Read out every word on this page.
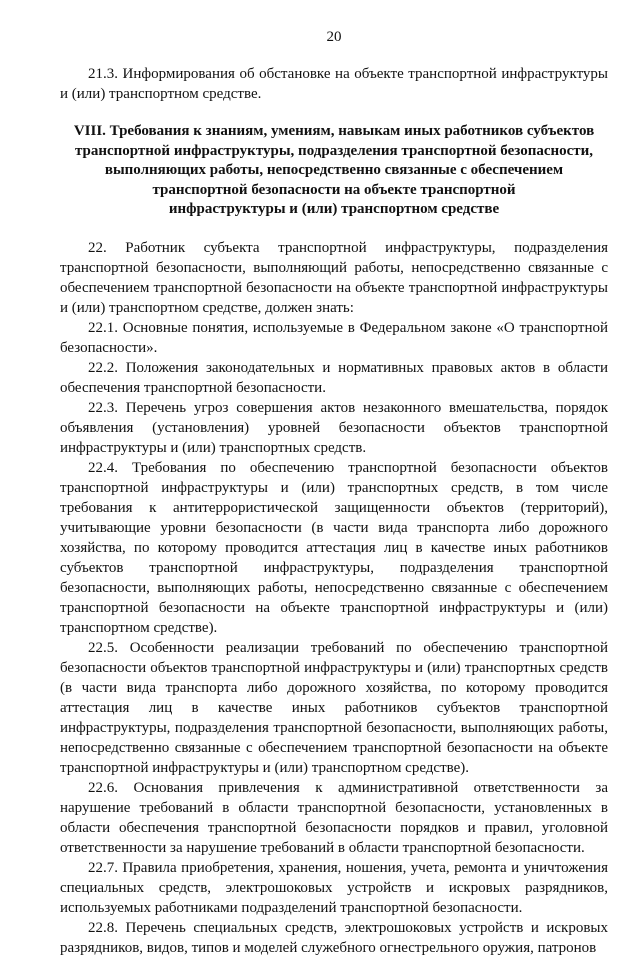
20

21.3. Информирования об обстановке на объекте транспортной инфраструктуры и (или) транспортном средстве.

VIII. Требования к знаниям, умениям, навыкам иных работников субъектов
транспортной инфраструктуры, подразделения транспортной безопасности,
выполняющих работы, непосредственно связанные с обеспечением
транспортной безопасности на объекте транспортной
инфраструктуры и (или) транспортном средстве

22. Работник субъекта транспортной инфраструктуры, подразделения транспортной безопасности, выполняющий работы, непосредственно связанные с обеспечением транспортной безопасности на объекте транспортной инфраструктуры и (или) транспортном средстве, должен знать:

22.1. Основные понятия, используемые в Федеральном законе «О транспортной безопасности».

22.2. Положения законодательных и нормативных правовых актов в области обеспечения транспортной безопасности.

22.3. Перечень угроз совершения актов незаконного вмешательства, порядок объявления (установления) уровней безопасности объектов транспортной инфраструктуры и (или) транспортных средств.

22.4. Требования по обеспечению транспортной безопасности объектов транспортной инфраструктуры и (или) транспортных средств, в том числе требования к антитеррористической защищенности объектов (территорий), учитывающие уровни безопасности (в части вида транспорта либо дорожного хозяйства, по которому проводится аттестация лиц в качестве иных работников субъектов транспортной инфраструктуры, подразделения транспортной безопасности, выполняющих работы, непосредственно связанные с обеспечением транспортной безопасности на объекте транспортной инфраструктуры и (или) транспортном средстве).

22.5. Особенности реализации требований по обеспечению транспортной безопасности объектов транспортной инфраструктуры и (или) транспортных средств (в части вида транспорта либо дорожного хозяйства, по которому проводится аттестация лиц в качестве иных работников субъектов транспортной инфраструктуры, подразделения транспортной безопасности, выполняющих работы, непосредственно связанные с обеспечением транспортной безопасности на объекте транспортной инфраструктуры и (или) транспортном средстве).

22.6. Основания привлечения к административной ответственности за нарушение требований в области транспортной безопасности, установленных в области обеспечения транспортной безопасности порядков и правил, уголовной ответственности за нарушение требований в области транспортной безопасности.

22.7. Правила приобретения, хранения, ношения, учета, ремонта и уничтожения специальных средств, электрошоковых устройств и искровых разрядников, используемых работниками подразделений транспортной безопасности.

22.8. Перечень специальных средств, электрошоковых устройств и искровых разрядников, видов, типов и моделей служебного огнестрельного оружия, патронов
